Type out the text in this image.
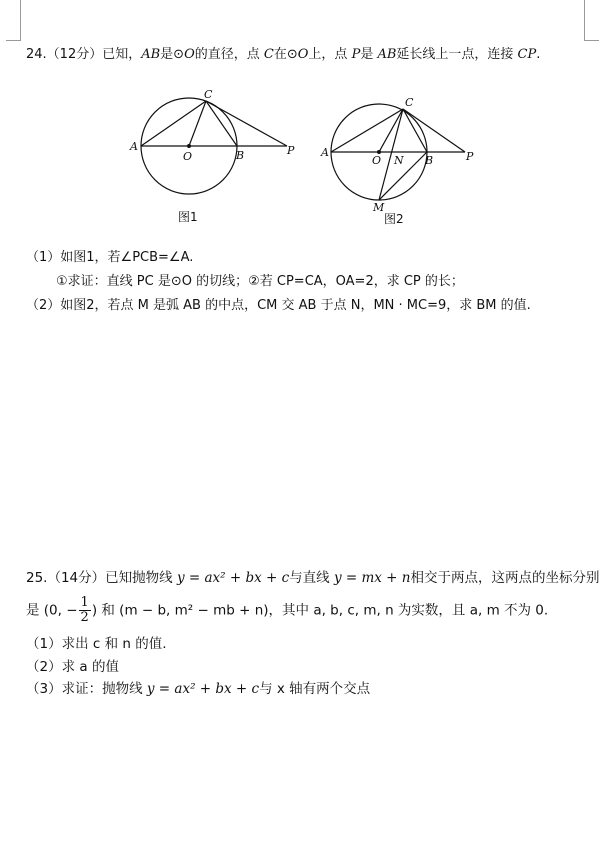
24.（12分）已知，AB是⊙O的直径，点 C在⊙O上，点 P是 AB延长线上一点，连接 CP.
C
A
O	B	P
图1
C
A
O N B	P
M
图2
（1）如图1，若∠PCB=∠A.
①求证：直线 PC 是⊙O 的切线；②若 CP=CA，OA=2，求 CP 的长；
（2）如图2，若点 M 是弧 AB 的中点，CM 交 AB 于点 N，MN · MC=9，求 BM 的值.
25.（14分）已知抛物线 y = ax² + bx + c与直线 y = mx + n相交于两点，这两点的坐标分别
是 (0, − $\frac{1}{2}$ ) 和 (m − b, m² − mb + n)，其中 a, b, c, m, n 为实数，且 a, m 不为 0.
（1）求出 c 和 n 的值.
（2）求 a 的值
（3）求证：抛物线 y = ax² + bx + c与 x 轴有两个交点
